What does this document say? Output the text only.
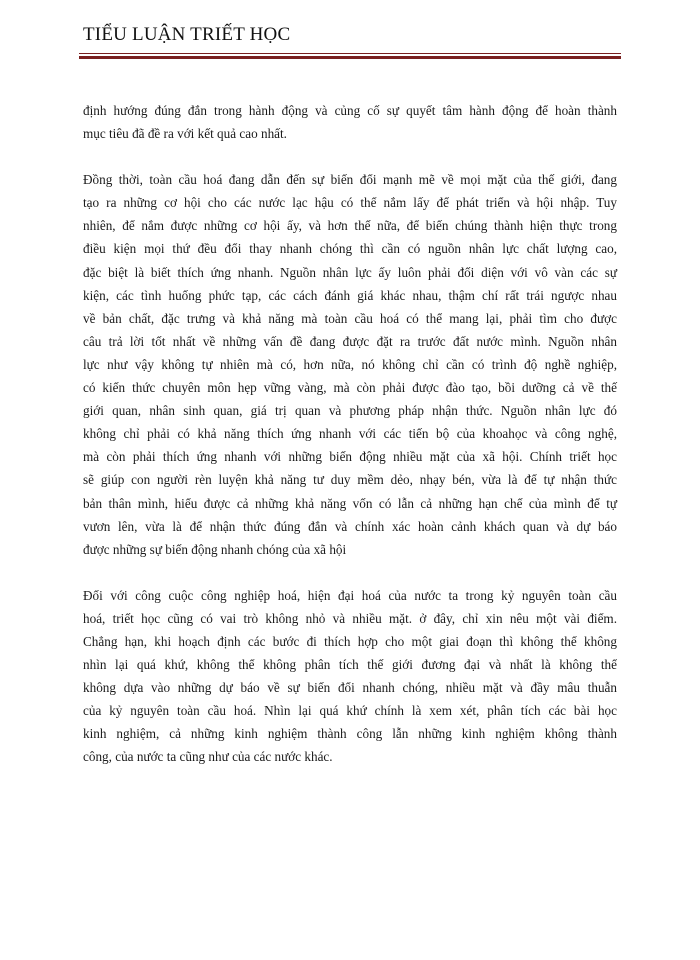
TIỂU LUẬN TRIẾT HỌC
định hướng đúng đắn trong hành động và củng cố sự quyết tâm hành động để hoàn thành
mục tiêu đã đề ra với kết quả cao nhất.
Đồng thời, toàn cầu hoá đang dẫn đến sự biến đổi mạnh mẽ về mọi mặt của thế giới, đang
tạo ra những cơ hội cho các nước lạc hậu có thể nắm lấy để phát triển và hội nhập. Tuy
nhiên, để nắm được những cơ hội ấy, và hơn thế nữa, để biến chúng thành hiện thực trong
điều kiện mọi thứ đều đổi thay nhanh chóng thì cần có nguồn nhân lực chất lượng cao,
đặc biệt là biết thích ứng nhanh. Nguồn nhân lực ấy luôn phải đối diện với vô vàn các sự
kiện, các tình huống phức tạp, các cách đánh giá khác nhau, thậm chí rất trái ngược nhau
về bản chất, đặc trưng và khả năng mà toàn cầu hoá có thể mang lại, phải tìm cho được
câu trả lời tốt nhất về những vấn đề đang được đặt ra trước đất nước mình. Nguồn nhân
lực như vậy không tự nhiên mà có, hơn nữa, nó không chỉ cần có trình độ nghề nghiệp,
có kiến thức chuyên môn hẹp vững vàng, mà còn phải được đào tạo, bồi dưỡng cả về thế
giới quan, nhân sinh quan, giá trị quan và phương pháp nhận thức. Nguồn nhân lực đó
không chỉ phải có khả năng thích ứng nhanh với các tiến bộ của khoahọc và công nghệ,
mà còn phải thích ứng nhanh với những biến động nhiều mặt của xã hội. Chính triết học
sẽ giúp con người rèn luyện khả năng tư duy mềm dẻo, nhạy bén, vừa là để tự nhận thức
bản thân mình, hiểu được cả những khả năng vốn có lẫn cả những hạn chế của mình để tự
vươn lên, vừa là để nhận thức đúng đắn và chính xác hoàn cảnh khách quan và dự báo
được những sự biến động nhanh chóng của xã hội
Đối với công cuộc công nghiệp hoá, hiện đại hoá của nước ta trong kỷ nguyên toàn cầu
hoá, triết học cũng có vai trò không nhỏ và nhiều mặt. ở đây, chỉ xin nêu một vài điểm.
Chẳng hạn, khi hoạch định các bước đi thích hợp cho một giai đoạn thì không thể không
nhìn lại quá khứ, không thể không phân tích thế giới đương đại và nhất là không thể
không dựa vào những dự báo về sự biến đổi nhanh chóng, nhiều mặt và đầy mâu thuẫn
của kỷ nguyên toàn cầu hoá. Nhìn lại quá khứ chính là xem xét, phân tích các bài học
kinh nghiệm, cả những kinh nghiệm thành công lẫn những kinh nghiệm không thành
công, của nước ta cũng như của các nước khác.
